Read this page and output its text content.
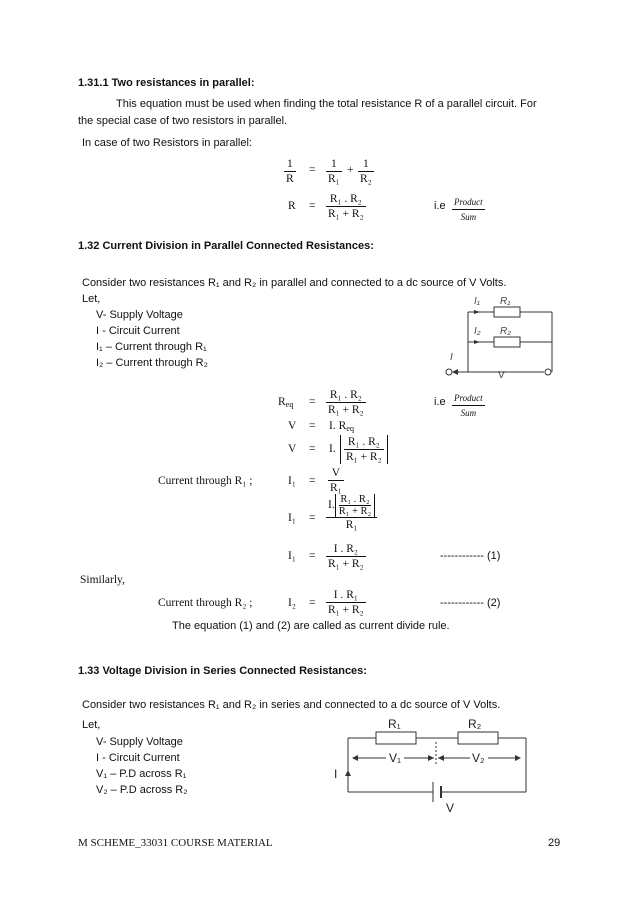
1.31.1 Two resistances in parallel:
This equation must be used when finding the total resistance R of a parallel circuit. For
the special case of two resistors in parallel.
In case of two Resistors in parallel:
$\frac{1}{R} = \frac{1}{\text{R₁}} + \frac{1}{\text{R₂}}$
$R = \frac{\text{R₁ . R₂}}{\text{R₁ + R₂}}$	i.e Product
Sum
1.32 Current Division in Parallel Connected Resistances:
Consider two resistances R₁ and R₂ in parallel and connected to a dc source of V Volts.
Let,
V- Supply Voltage
I - Circuit Current
I₁ – Current through R₁
I₂ – Current through R₂
I₁ R₁
I₂ R₂
I
V
$R_{eq} = \frac{\text{R₁ . R₂}}{\text{R₁ + R₂}}$	i.e Product
Sum
V = I. $R_{eq}$
V = I. $\frac{\text{R₁ . R₂}}{\text{R₁ + R₂}}$
Current through R₁ ;	$I_1 = \frac{V}{\text{R₁}}$
$I_1 = \frac{I. \frac{\text{R₁ . R₂}}{\text{R₁ + R₂}}}{\text{R₁}}$
$I_1 = \frac{\text{I . R₂}}{\text{R₁ + R₂}}$	------------ (1)
Similarly,
Current through R₂ ;	$I_2 = \frac{\text{I . R₁}}{\text{R₁ + R₂}}$	------------ (2)
The equation (1) and (2) are called as current divide rule.
1.33 Voltage Division in Series Connected Resistances:
Consider two resistances R₁ and R₂ in series and connected to a dc source of V Volts.
Let,
V- Supply Voltage
I - Circuit Current
V₁ – P.D across R₁
V₂ – P.D across R₂
R₁	R₂
V₁	V₂
I
V
M SCHEME_33031 COURSE MATERIAL	29
